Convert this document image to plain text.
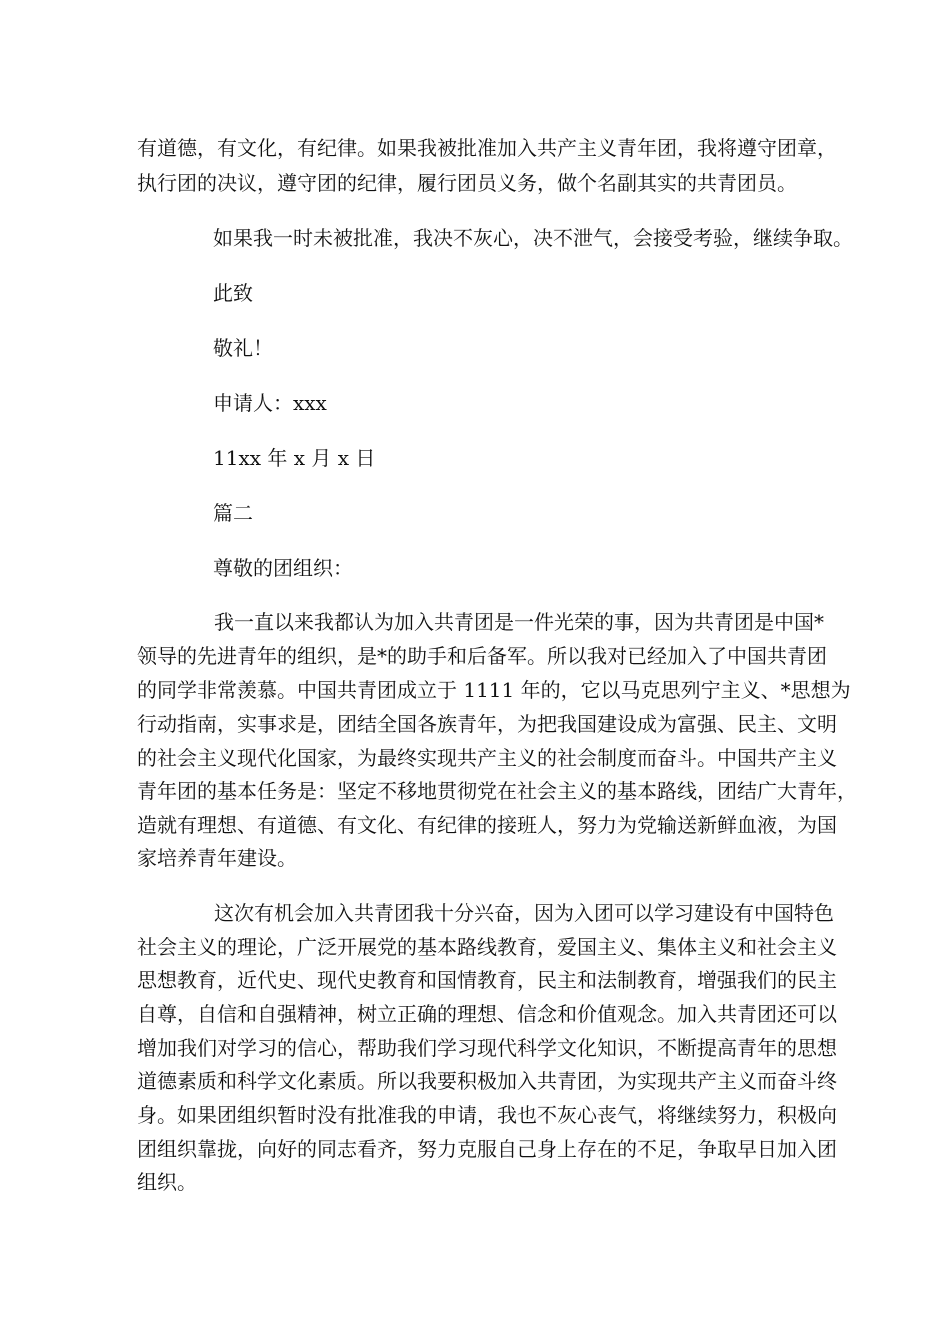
有道德，有文化，有纪律。如果我被批准加入共产主义青年团，我将遵守团章，
执行团的决议，遵守团的纪律，履行团员义务，做个名副其实的共青团员。
如果我一时未被批准，我决不灰心，决不泄气，会接受考验，继续争取。
此致
敬礼！
申请人：xxx
11xx 年 x 月 x 日
篇二
尊敬的团组织：
我一直以来我都认为加入共青团是一件光荣的事，因为共青团是中国*
领导的先进青年的组织，是*的助手和后备军。所以我对已经加入了中国共青团
的同学非常羡慕。中国共青团成立于 1111 年的，它以马克思列宁主义、*思想为
行动指南，实事求是，团结全国各族青年，为把我国建设成为富强、民主、文明
的社会主义现代化国家，为最终实现共产主义的社会制度而奋斗。中国共产主义
青年团的基本任务是：坚定不移地贯彻党在社会主义的基本路线，团结广大青年，
造就有理想、有道德、有文化、有纪律的接班人，努力为党输送新鲜血液，为国
家培养青年建设。
这次有机会加入共青团我十分兴奋，因为入团可以学习建设有中国特色
社会主义的理论，广泛开展党的基本路线教育，爱国主义、集体主义和社会主义
思想教育，近代史、现代史教育和国情教育，民主和法制教育，增强我们的民主
自尊，自信和自强精神，树立正确的理想、信念和价值观念。加入共青团还可以
增加我们对学习的信心，帮助我们学习现代科学文化知识，不断提高青年的思想
道德素质和科学文化素质。所以我要积极加入共青团，为实现共产主义而奋斗终
身。如果团组织暂时没有批准我的申请，我也不灰心丧气，将继续努力，积极向
团组织靠拢，向好的同志看齐，努力克服自己身上存在的不足，争取早日加入团
组织。
